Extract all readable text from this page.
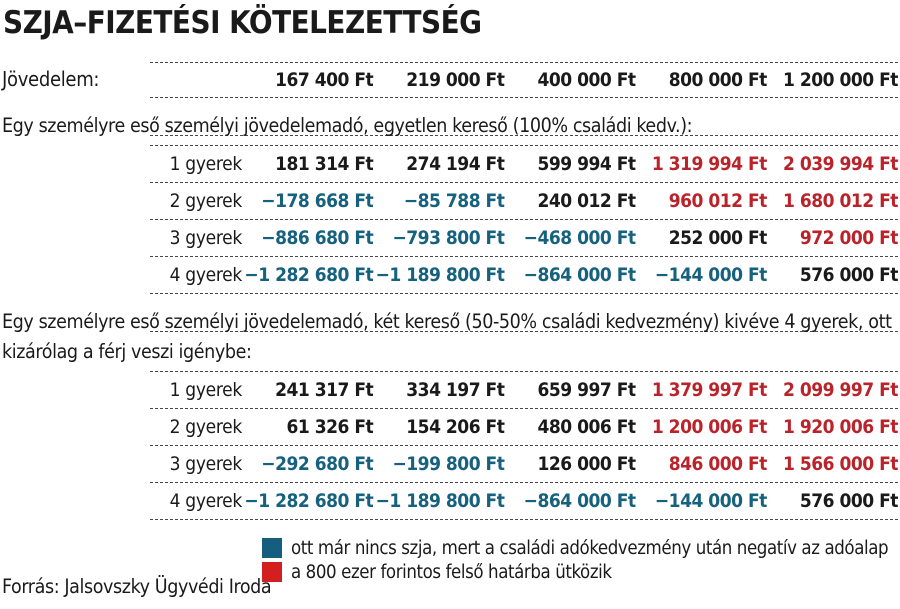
SZJA–FIZETÉSI KÖTELEZETTSÉG
Jövedelem:	167 400 Ft	219 000 Ft	400 000 Ft	800 000 Ft 1 200 000 Ft
Egy személyre eső személyi jövedelemadó, egyetlen kereső (100% családi kedv.):
1 gyerek	181 314 Ft	274 194 Ft	599 994 Ft 1 319 994 Ft 2 039 994 Ft
2 gyerek	−178 668 Ft	−85 788 Ft	240 012 Ft	960 012 Ft 1 680 012 Ft
3 gyerek	−886 680 Ft	−793 800 Ft	−468 000 Ft	252 000 Ft	972 000 Ft
4 gyerek −1 282 680 Ft −1 189 800 Ft	−864 000 Ft	−144 000 Ft	576 000 Ft
Egy személyre eső személyi jövedelemadó, két kereső (50-50% családi kedvezmény) kivéve 4 gyerek, ott kizárólag a férj veszi igénybe:
1 gyerek	241 317 Ft	334 197 Ft	659 997 Ft 1 379 997 Ft 2 099 997 Ft
2 gyerek	61 326 Ft	154 206 Ft	480 006 Ft 1 200 006 Ft 1 920 006 Ft
3 gyerek	−292 680 Ft	−199 800 Ft	126 000 Ft	846 000 Ft 1 566 000 Ft
4 gyerek −1 282 680 Ft −1 189 800 Ft	−864 000 Ft	−144 000 Ft	576 000 Ft
ott már nincs szja, mert a családi adókedvezmény után negatív az adóalap
a 800 ezer forintos felső határba ütközik
Forrás: Jalsovszky Ügyvédi Iroda
